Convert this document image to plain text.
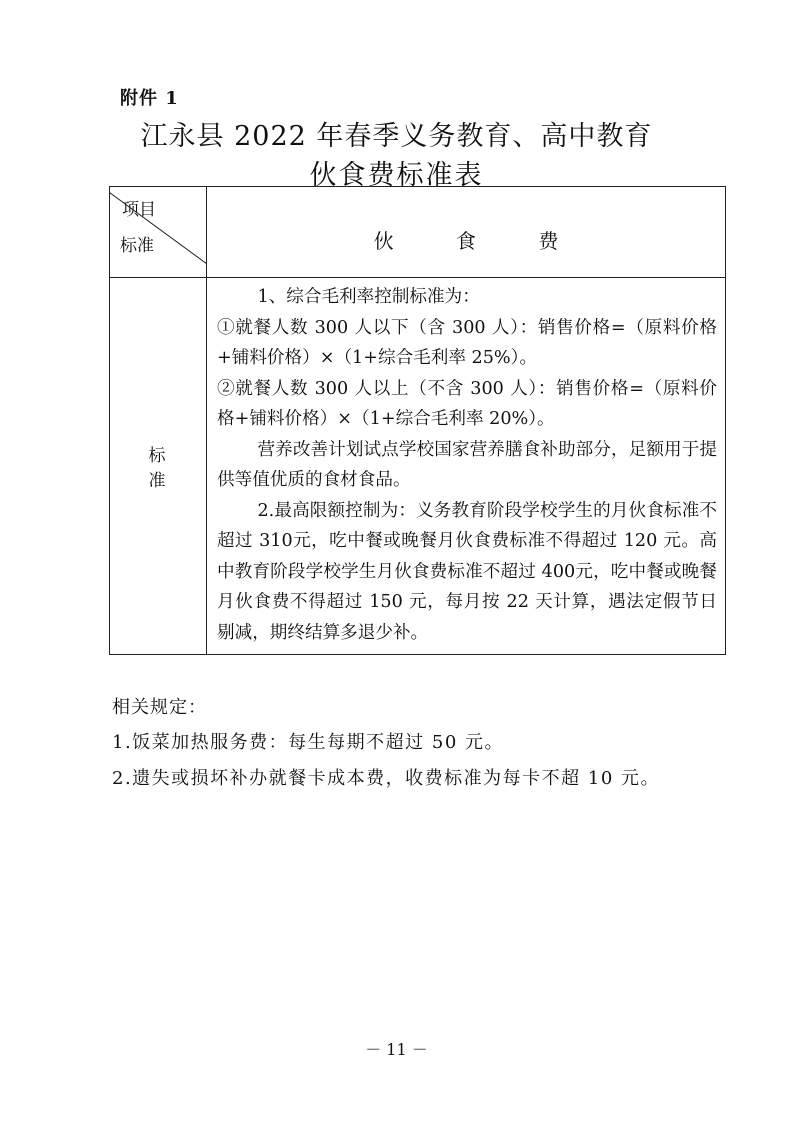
附件 1
江永县 2022 年春季义务教育、高中教育
伙食费标准表
项目
标准	伙 食 费
标 准	1、综合毛利率控制标准为：

①就餐人数 300 人以下（含 300 人）：销售价格=（原料价格+铺料价格）×（1+综合毛利率 25%）。

②就餐人数 300 人以上（不含 300 人）：销售价格=（原料价格+铺料价格）×（1+综合毛利率 20%）。

营养改善计划试点学校国家营养膳食补助部分，足额用于提供等值优质的食材食品。

2.最高限额控制为：义务教育阶段学校学生的月伙食标准不超过 310元，吃中餐或晚餐月伙食费标准不得超过 120 元。高中教育阶段学校学生月伙食费标准不超过 400元，吃中餐或晚餐月伙食费不得超过 150 元，每月按 22 天计算，遇法定假节日剔减，期终结算多退少补。

相关规定：
1.饭菜加热服务费：每生每期不超过 50 元。
2.遗失或损坏补办就餐卡成本费，收费标准为每卡不超 10 元。
－ 11 －
